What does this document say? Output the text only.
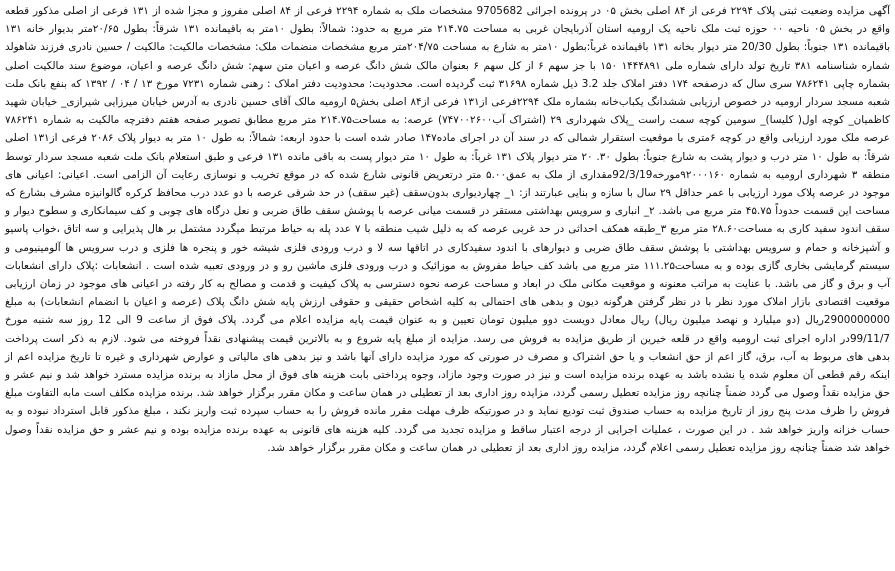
آگهی مزایده وضعیت ثبتی پلاک ۲۲۹۴ فرعی از ۸۴ اصلی بخش ۰۵ در پرونده اجرائی 9705682 مشخصات ملک به شماره ۲۲۹۴ فرعی از ۸۴ اصلی مفروز و مجزا شده از ۱۳۱ فرعی از اصلی مذکور قطعه واقع در بخش ۰۵ ناحیه ۰۰ حوزه ثبت ملک ناحیه یک ارومیه استان آذربایجان غربی به مساحت ۲۱۴.۷۵ متر مربع به حدود: شمالاً: بطول ۱۰متر به باقیمانده ۱۳۱ شرقاً: بطول ۲۰/۶۵متر بدیوار خانه ۱۳۱ باقیمانده ۱۳۱ جنوباً: بطول 20/30 متر دیوار بخانه ۱۳۱ باقیمانده غرباً:بطول ۱۰متر به شارع به مساحت ۲۰۴/۷۵متر مربع مشخصات منضمات ملک: مشخصات مالکیت: مالکیت / حسین نادری فرزند شاهولد شماره شناسنامه ۳۸۱ تاریخ تولد دارای شماره ملی ۱۴۴۴۸۹۱ ۱۵۰ با جز سهم ۶ از کل سهم ۶ بعنوان مالک شش دانگ عرصه و اعیان متن سهم: شش دانگ عرصه و اعیان، موضوع سند مالکیت اصلی بشماره چاپی ۷۸۶۲۴۱ سری سال که درصفحه ۱۷۴ دفتر املاک جلد 3.2 ذیل شماره ۳۱۶۹۸ ثبت گردیده است. محدودیت: محدودیت دفتر املاک : رهنی شماره ۷۲۳۱ مورخ ۱۳ / ۰۴ / ۱۳۹۲ که بنفع بانک ملت شعبه مسجد سردار ارومیه در خصوص ارزیابی ششدانگ یکباب‌خانه بشماره ملک ۲۲۹۴فرعی از۱۳۱ فرعی از۸۴ اصلی بخش۵ ارومیه مالک آقای حسین نادری به آدرس خیابان میرزایی شیرازی_ خیابان شهید کاظمیان_ کوچه اول( کلیسا)_ سومین کوچه سمت راست _پلاک شهرداری ۲۹ (اشتراک آب۷۴۷۰۰۲۶۰۰) عرصه: به مساحت۲۱۴.۷۵ متر مربع مطابق تصویر صفحه هفتم دفترچه مالکیت به شماره ۷۸۶۲۴۱ عرصه ملک مورد ارزیابی واقع در کوچه ۶متری با موقعیت استقرار شمالی که در سند آن در اجرای ماده۱۴۷ صادر شده است با حدود اربعه: شمالاً: به طول ۱۰ متر به دیوار پلاک ۲۰۸۶ فرعی از۱۳۱ اصلی شرقاً: به طول ۱۰ متر درب و دیوار پشت به شارع جنوباً: بطول ۳۰. ۲۰ متر دیوار پلاک ۱۳۱ غرباً: به طول ۱۰ متر دیوار پست به باقی مانده ۱۳۱ فرعی و طبق استعلام بانک ملت شعبه مسجد سردار توسط منطقه ۳ شهرداری ارومیه به شماره ۹۲۰۰۰۱۶۰مورخه92/3/19مقداری از ملک به عمق۵.۰۰ متر درتعریض قانونی شارع شده که در موقع تخریب و نوسازی رعایت آن الزامی است. اعیانی: اعیانی های موجود در عرصه پلاک مورد ارزیابی با عمر حداقل ۲۹ سال با سازه و بنایی عبارتند از: ۱_ چهاردیواری بدون‌سقف (غیر سقف) در حد شرقی عرصه با دو عدد درب محافظ کرکره گالوانیزه مشرف بشارع که مساحت این قسمت حدوداً ۴۵.۷۵ متر مربع می باشد. ۲_ انباری و سرویس بهداشتی مستقر در قسمت میانی عرصه با پوشش سقف طاق ضربی و نعل درگاه های چوبی و کف سیمانکاری و سطوح دیوار و سقف اندود سفید کاری به مساحت۲۸.۶۰ متر مربع ۳_طبقه همکف احداثی در حد غربی عرصه که به دلیل شیب منطقه با ۷ عدد پله به حیاط مرتبط میگردد مشتمل بر هال پذیرایی و سه اتاق ،خواب پاسیو و آشپزخانه و حمام و سرویس بهداشتی با پوشش سقف طاق ضربی و دیوارهای با اندود سفیدکاری در اتاقها سه لا و درب ورودی فلزی شیشه خور و پنجره ها فلزی و درب سرویس ها آلومینیومی و سیستم گرمایشی بخاری گازی بوده و به مساحت۱۱۱.۲۵ متر مربع می باشد کف حیاط مفروش به موزائیک و درب ورودی فلزی ماشین رو و در ورودی تعبیه شده است . انشعابات :پلاک دارای انشعابات آب و برق و گاز می باشد. با عنایت به مراتب معنونه و موقعیت مکانی ملک در ابعاد و مساحت عرصه نحوه دسترسی به پلاک کیفیت و قدمت و مصالح به کار رفته در اعیانی های موجود در زمان ارزیابی موقعیت اقتصادی بازار املاک مورد نظر با در نظر گرفتن هرگونه دیون و بدهی های احتمالی به کلیه اشخاص حقیقی و حقوقی ارزش پایه شش دانگ پلاک (عرصه و اعیان با انضمام انشعابات) به مبلغ 2900000000ریال (دو میلیارد و نهصد میلیون ریال) ریال معادل دویست دوو میلیون تومان تعیین و به عنوان قیمت پایه مزایده اعلام می گردد. پلاک فوق از ساعت 9 الی 12 روز سه شنبه مورخ 99/11/7در اداره اجرای ثبت ارومیه واقع در قلعه خیرین از طریق مزایده به فروش می رسد. مزایده از مبلغ پایه شروع و به بالاترین قیمت پیشنهادی نقداً فروخته می شود. لازم به ذکر است پرداخت بدهی های مربوط به آب، برق، گاز اعم از حق انشعاب و یا حق اشتراک و مصرف در صورتی که مورد مزایده دارای آنها باشد و نیز بدهی های مالیاتی و عوارض شهرداری و غیره تا تاریخ مزایده اعم از اینکه رقم قطعی آن معلوم شده یا نشده باشد به عهده برنده مزایده است و نیز در صورت وجود مازاد، وجوه پرداختی بابت هزینه های فوق از محل مازاد به برنده مزایده مسترد خواهد شد و نیم عشر و حق مزایده نقداً وصول می گردد ضمناً چنانچه روز مزایده تعطیل رسمی گردد، مزایده روز اداری بعد از تعطیلی در همان ساعت و مکان مقرر برگزار خواهد شد. برنده مزایده مکلف است مابه التفاوت مبلغ فروش را ظرف مدت پنج روز از تاریخ مزایده به حساب صندوق ثبت تودیع نماید و در صورتیکه ظرف مهلت مقرر مانده فروش را به حساب سپرده ثبت واریز نکند ، مبلغ مذکور قابل استرداد نبوده و به حساب خزانه واریز خواهد شد . در این صورت ، عملیات اجرایی از درجه اعتبار ساقط و مزایده تجدید می گردد. کلیه هزینه های قانونی به عهده برنده مزایده بوده و نیم عشر و حق مزایده نقداً وصول خواهد شد ضمناً چنانچه روز مزایده تعطیل رسمی اعلام گردد، مزایده روز اداری بعد از تعطیلی در همان ساعت و مکان مقرر برگزار خواهد شد.
